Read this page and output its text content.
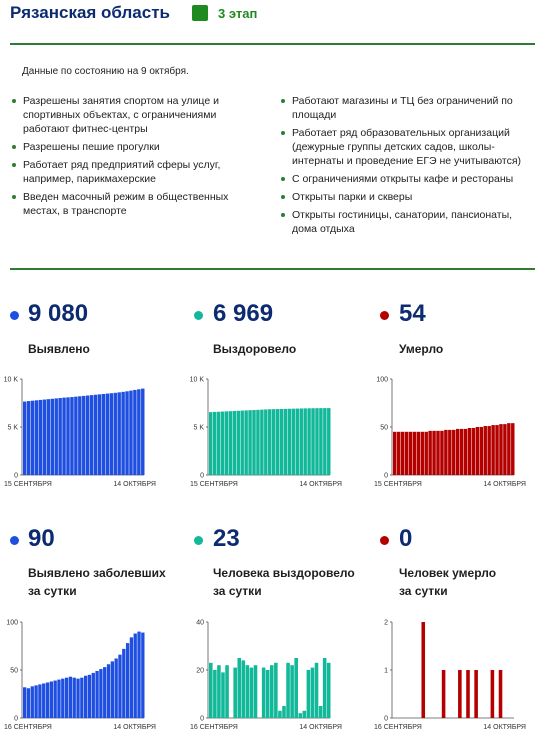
Рязанская область	3 этап
Данные по состоянию на 9 октября.
Разрешены занятия спортом на улице и спортивных объектах, с ограничениями работают фитнес-центры
Разрешены пешие прогулки
Работает ряд предприятий сферы услуг, например, парикмахерские
Введен масочный режим в общественных местах, в транспорте
Работают магазины и ТЦ без ограничений по площади
Работает ряд образовательных организаций (дежурные группы детских садов, школы-интернаты и проведение ЕГЭ не учитываются)
С ограничениями открыты кафе и рестораны
Открыты парки и скверы
Открыты гостиницы, санатории, пансионаты, дома отдыха
9 080
Выявлено
6 969
Выздоровело
54
Умерло
90
Выявлено заболевших
за сутки
23
Человека выздоровело
за сутки
0
Человек умерло
за сутки
0
5 K
10 K
15 СЕНТЯБРЯ	14 ОКТЯБРЯ
0
5 K
10 K
15 СЕНТЯБРЯ	14 ОКТЯБРЯ
0
50
100
15 СЕНТЯБРЯ	14 ОКТЯБРЯ
0
50
100
16 СЕНТЯБРЯ	14 ОКТЯБРЯ
0
20
40
16 СЕНТЯБРЯ	14 ОКТЯБРЯ
0
1
2
16 СЕНТЯБРЯ	14 ОКТЯБРЯ
